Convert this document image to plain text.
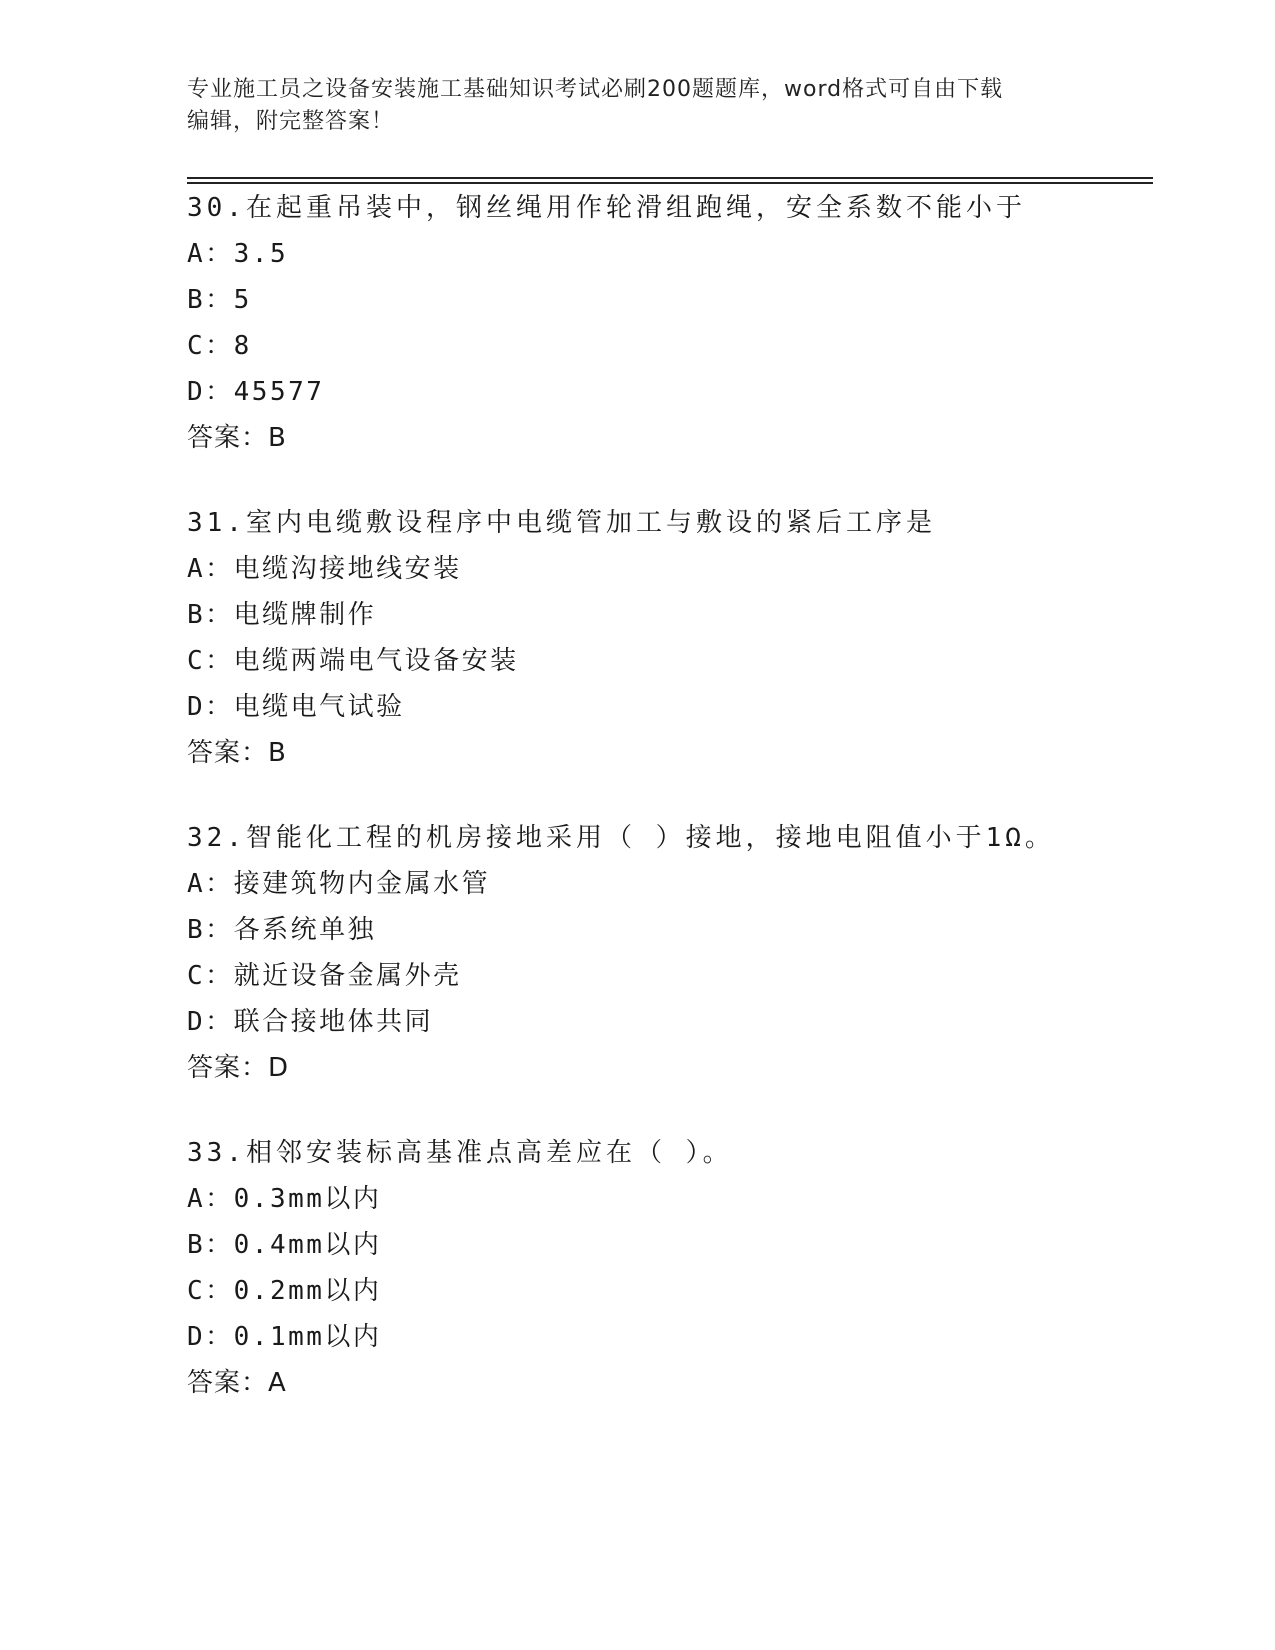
专业施工员之设备安装施工基础知识考试必刷200题题库，word格式可自由下载
编辑，附完整答案！
30.在起重吊装中，钢丝绳用作轮滑组跑绳，安全系数不能小于
A：3.5
B：5
C：8
D：45577
答案：B
31.室内电缆敷设程序中电缆管加工与敷设的紧后工序是
A：电缆沟接地线安装
B：电缆牌制作
C：电缆两端电气设备安装
D：电缆电气试验
答案：B
32.智能化工程的机房接地采用（ ）接地，接地电阻值小于1Ω。
A：接建筑物内金属水管
B：各系统单独
C：就近设备金属外壳
D：联合接地体共同
答案：D
33.相邻安装标高基准点高差应在（ ）。
A：0.3mm以内
B：0.4mm以内
C：0.2mm以内
D：0.1mm以内
答案：A
